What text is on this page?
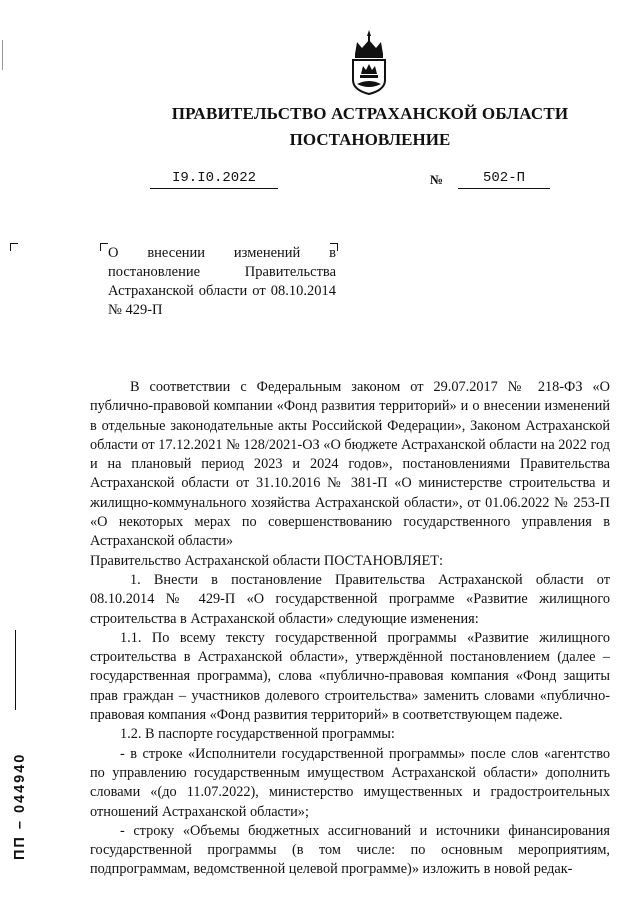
ПРАВИТЕЛЬСТВО АСТРАХАНСКОЙ ОБЛАСТИ
ПОСТАНОВЛЕНИЕ
I9.I0.2022	№	502-П
О внесении изменений в постановление Правительства Астраханской области от 08.10.2014 № 429-П

В соответствии с Федеральным законом от 29.07.2017 № 218-ФЗ «О публично-правовой компании «Фонд развития территорий» и о внесении изменений в отдельные законодательные акты Российской Федерации», Законом Астраханской области от 17.12.2021 № 128/2021-ОЗ «О бюджете Астраханской области на 2022 год и на плановый период 2023 и 2024 годов», постановлениями Правительства Астраханской области от 31.10.2016 № 381-П «О министерстве строительства и жилищно-коммунального хозяйства Астраханской области», от 01.06.2022 № 253-П «О некоторых мерах по совершенствованию государственного управления в Астраханской области»

Правительство Астраханской области ПОСТАНОВЛЯЕТ:

1. Внести в постановление Правительства Астраханской области от 08.10.2014 № 429-П «О государственной программе «Развитие жилищного строительства в Астраханской области» следующие изменения:

1.1. По всему тексту государственной программы «Развитие жилищного строительства в Астраханской области», утверждённой постановлением (далее – государственная программа), слова «публично-правовая компания «Фонд защиты прав граждан – участников долевого строительства» заменить словами «публично-правовая компания «Фонд развития территорий» в соответствующем падеже.

1.2. В паспорте государственной программы:

- в строке «Исполнители государственной программы» после слов «агентство по управлению государственным имуществом Астраханской области» дополнить словами «(до 11.07.2022), министерство имущественных и градостроительных отношений Астраханской области»;

- строку «Объемы бюджетных ассигнований и источники финансирования государственной программы (в том числе: по основным мероприятиям, подпрограммам, ведомственной целевой программе)» изложить в новой редак-

ПП – 044940
